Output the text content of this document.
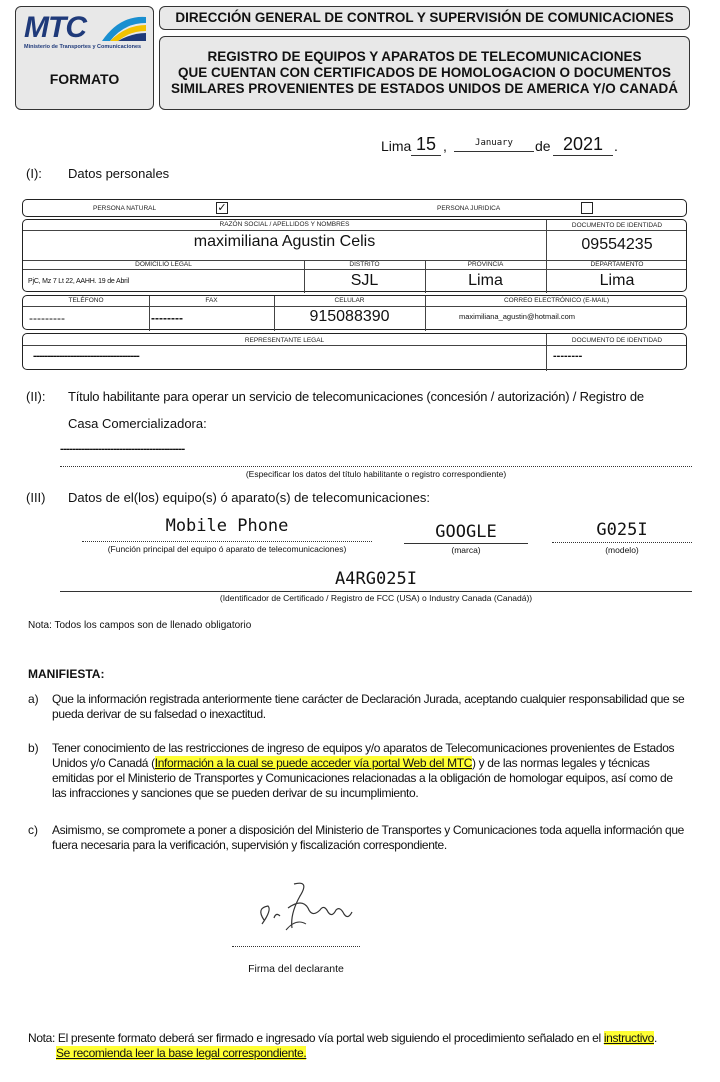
MTC
Ministerio de Transportes y Comunicaciones
FORMATO
DIRECCIÓN GENERAL DE CONTROL Y SUPERVISIÓN DE COMUNICACIONES
REGISTRO DE EQUIPOS Y APARATOS DE TELECOMUNICACIONES
QUE CUENTAN CON CERTIFICADOS DE HOMOLOGACION O DOCUMENTOS
SIMILARES PROVENIENTES DE ESTADOS UNIDOS DE AMERICA Y/O CANADÁ
Lima 15 ,	January	de 2021 .
(I): Datos personales
PERSONA NATURAL	✓	PERSONA JURIDICA
RAZÓN SOCIAL / APELLIDOS Y NOMBRES	DOCUMENTO DE IDENTIDAD
maximiliana Agustin Celis	09554235
DOMICILIO LEGAL	DISTRITO	PROVINCIA	DEPARTAMENTO
PjC, Mz 7 Lt 22, AAHH. 19 de Abril	SJL	Lima	Lima
TELÉFONO	FAX	CELULAR	CORREO ELECTRÓNICO (E-MAIL)
---------	--------	915088390	maximiliana_agustin@hotmail.com
REPRESENTANTE LEGAL	DOCUMENTO DE IDENTIDAD
-------------------------------------	--------
(II): Título habilitante para operar un servicio de telecomunicaciones (concesión / autorización) / Registro de
Casa Comercializadora:
------------------------------------------
(Especificar los datos del título habilitante o registro correspondiente)
(III) Datos de el(los) equipo(s) ó aparato(s) de telecomunicaciones:
Mobile Phone
(Función principal del equipo ó aparato de telecomunicaciones)
GOOGLE
(marca)
G025I
(modelo)
A4RG025I
(Identificador de Certificado / Registro de FCC (USA) o Industry Canada (Canadá))
Nota: Todos los campos son de llenado obligatorio
MANIFIESTA:
a) Que la información registrada anteriormente tiene carácter de Declaración Jurada, aceptando cualquier responsabilidad que se
pueda derivar de su falsedad o inexactitud.
b) Tener conocimiento de las restricciones de ingreso de equipos y/o aparatos de Telecomunicaciones provenientes de Estados
Unidos y/o Canadá (Información a la cual se puede acceder vía portal Web del MTC) y de las normas legales y técnicas
emitidas por el Ministerio de Transportes y Comunicaciones relacionadas a la obligación de homologar equipos, así como de
las infracciones y sanciones que se pueden derivar de su incumplimiento.
c) Asimismo, se compromete a poner a disposición del Ministerio de Transportes y Comunicaciones toda aquella información que
fuera necesaria para la verificación, supervisión y fiscalización correspondiente.
Firma del declarante
Nota: El presente formato deberá ser firmado e ingresado vía portal web siguiendo el procedimiento señalado en el instructivo.
Se recomienda leer la base legal correspondiente.
